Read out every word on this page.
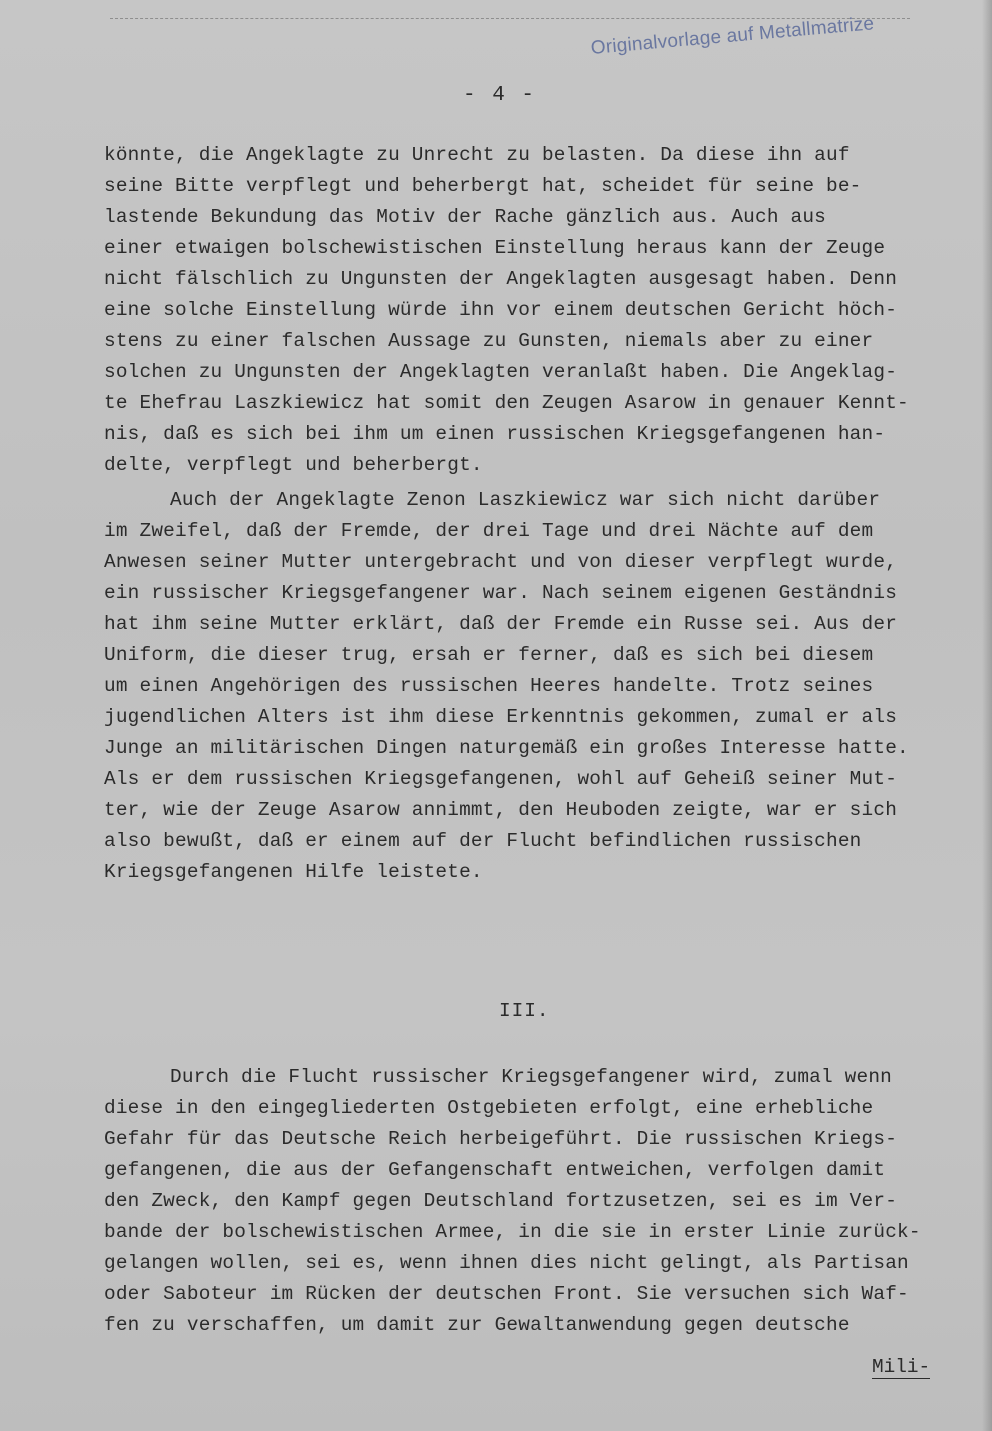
Originalvorlage auf Metallmatrize
- 4 -
könnte, die Angeklagte zu Unrecht zu belasten. Da diese ihn auf
seine Bitte verpflegt und beherbergt hat, scheidet für seine be-
lastende Bekundung das Motiv der Rache gänzlich aus. Auch aus
einer etwaigen bolschewistischen Einstellung heraus kann der Zeuge
nicht fälschlich zu Ungunsten der Angeklagten ausgesagt haben. Denn
eine solche Einstellung würde ihn vor einem deutschen Gericht höch-
stens zu einer falschen Aussage zu Gunsten, niemals aber zu einer
solchen zu Ungunsten der Angeklagten veranlaßt haben. Die Angeklag-
te Ehefrau Laszkiewicz hat somit den Zeugen Asarow in genauer Kennt-
nis, daß es sich bei ihm um einen russischen Kriegsgefangenen han-
delte, verpflegt und beherbergt.
Auch der Angeklagte Zenon Laszkiewicz war sich nicht darüber
im Zweifel, daß der Fremde, der drei Tage und drei Nächte auf dem
Anwesen seiner Mutter untergebracht und von dieser verpflegt wurde,
ein russischer Kriegsgefangener war. Nach seinem eigenen Geständnis
hat ihm seine Mutter erklärt, daß der Fremde ein Russe sei. Aus der
Uniform, die dieser trug, ersah er ferner, daß es sich bei diesem
um einen Angehörigen des russischen Heeres handelte. Trotz seines
jugendlichen Alters ist ihm diese Erkenntnis gekommen, zumal er als
Junge an militärischen Dingen naturgemäß ein großes Interesse hatte.
Als er dem russischen Kriegsgefangenen, wohl auf Geheiß seiner Mut-
ter, wie der Zeuge Asarow annimmt, den Heuboden zeigte, war er sich
also bewußt, daß er einem auf der Flucht befindlichen russischen
Kriegsgefangenen Hilfe leistete.
III.
Durch die Flucht russischer Kriegsgefangener wird, zumal wenn
diese in den eingegliederten Ostgebieten erfolgt, eine erhebliche
Gefahr für das Deutsche Reich herbeigeführt. Die russischen Kriegs-
gefangenen, die aus der Gefangenschaft entweichen, verfolgen damit
den Zweck, den Kampf gegen Deutschland fortzusetzen, sei es im Ver-
bande der bolschewistischen Armee, in die sie in erster Linie zurück-
gelangen wollen, sei es, wenn ihnen dies nicht gelingt, als Partisan
oder Saboteur im Rücken der deutschen Front. Sie versuchen sich Waf-
fen zu verschaffen, um damit zur Gewaltanwendung gegen deutsche
Mili-
